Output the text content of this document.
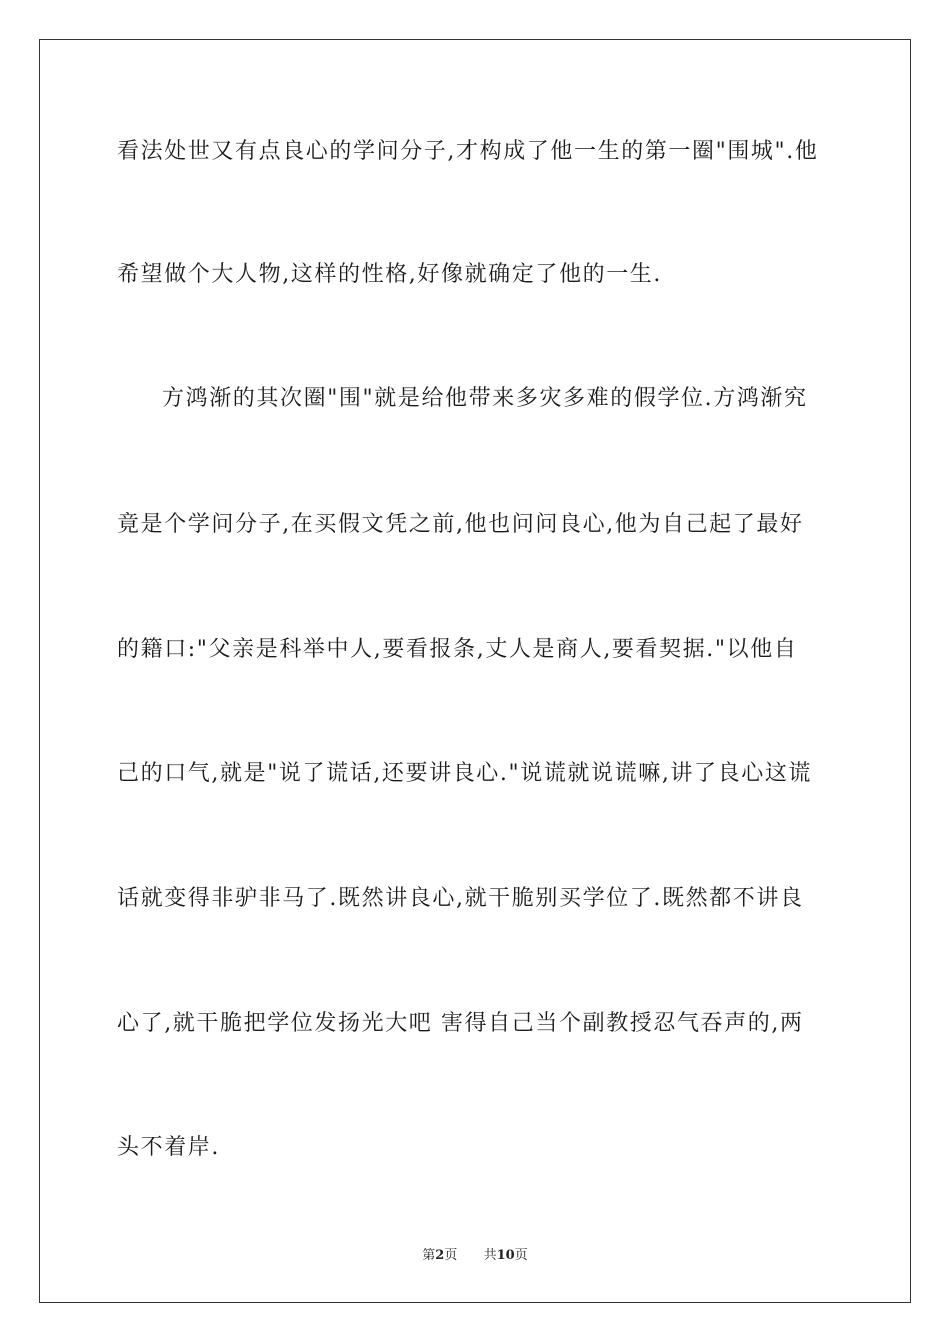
看法处世又有点良心的学问分子,才构成了他一生的第一圈"围城".他
希望做个大人物,这样的性格,好像就确定了他的一生.
方鸿渐的其次圈"围"就是给他带来多灾多难的假学位.方鸿渐究
竟是个学问分子,在买假文凭之前,他也问问良心,他为自己起了最好
的籍口:"父亲是科举中人,要看报条,丈人是商人,要看契据."以他自
己的口气,就是"说了谎话,还要讲良心."说谎就说谎嘛,讲了良心这谎
话就变得非驴非马了.既然讲良心,就干脆别买学位了.既然都不讲良
心了,就干脆把学位发扬光大吧 害得自己当个副教授忍气吞声的,两
头不着岸.
第2页 共10页
